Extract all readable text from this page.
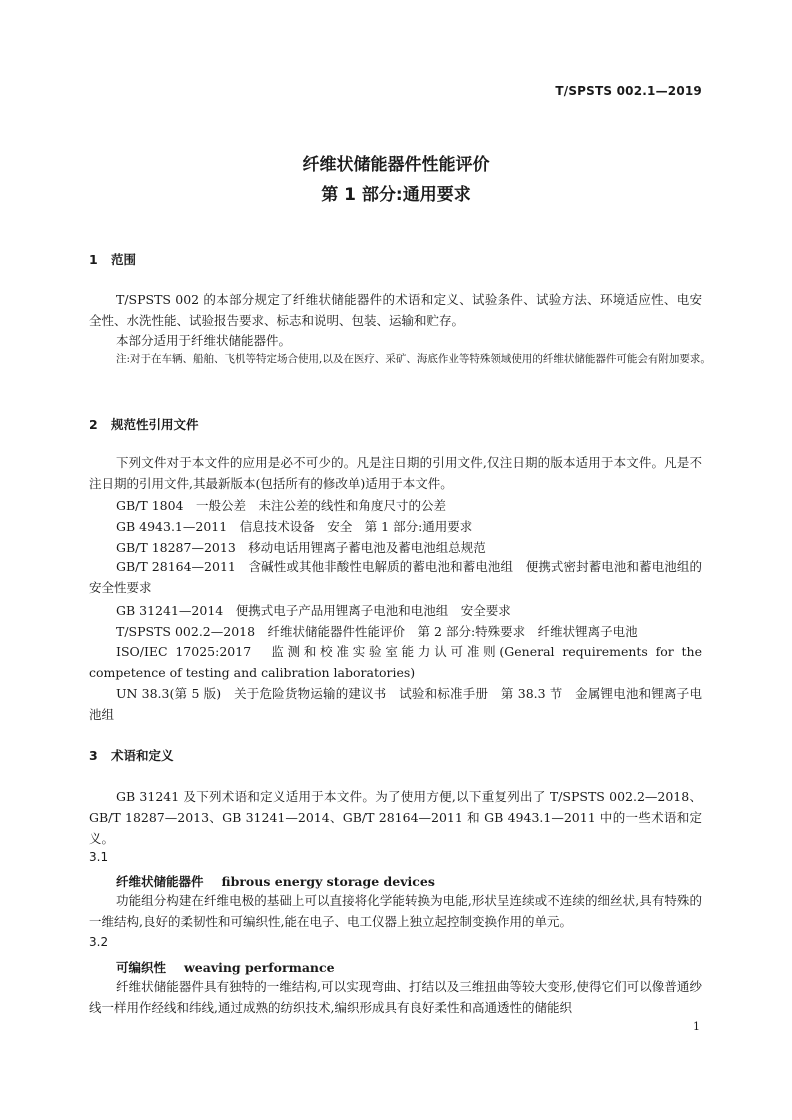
T/SPSTS 002.1—2019
纤维状储能器件性能评价
第 1 部分:通用要求
1 范围

T/SPSTS 002 的本部分规定了纤维状储能器件的术语和定义、试验条件、试验方法、环境适应性、电安全性、水洗性能、试验报告要求、标志和说明、包装、运输和贮存。

本部分适用于纤维状储能器件。
注:对于在车辆、船舶、飞机等特定场合使用,以及在医疗、采矿、海底作业等特殊领域使用的纤维状储能器件可能会有附加要求。
2 规范性引用文件

下列文件对于本文件的应用是必不可少的。凡是注日期的引用文件,仅注日期的版本适用于本文件。凡是不注日期的引用文件,其最新版本(包括所有的修改单)适用于本文件。

GB/T 1804　一般公差　未注公差的线性和角度尺寸的公差
GB 4943.1—2011　信息技术设备　安全　第 1 部分:通用要求
GB/T 18287—2013　移动电话用锂离子蓄电池及蓄电池组总规范

GB/T 28164—2011　含碱性或其他非酸性电解质的蓄电池和蓄电池组　便携式密封蓄电池和蓄电池组的安全性要求

GB 31241—2014　便携式电子产品用锂离子电池和电池组　安全要求
T/SPSTS 002.2—2018　纤维状储能器件性能评价　第 2 部分:特殊要求　纤维状锂离子电池

ISO/IEC 17025:2017　监测和校准实验室能力认可准则(General requirements for the competence of testing and calibration laboratories)

UN 38.3(第 5 版)　关于危险货物运输的建议书　试验和标准手册　第 38.3 节　金属锂电池和锂离子电池组

3 术语和定义

GB 31241 及下列术语和定义适用于本文件。为了使用方便,以下重复列出了 T/SPSTS 002.2—2018、GB/T 18287—2013、GB 31241—2014、GB/T 28164—2011 和 GB 4943.1—2011 中的一些术语和定义。

3.1
纤维状储能器件 fibrous energy storage devices

功能组分构建在纤维电极的基础上可以直接将化学能转换为电能,形状呈连续或不连续的细丝状,具有特殊的一维结构,良好的柔韧性和可编织性,能在电子、电工仪器上独立起控制变换作用的单元。

3.2
可编织性 weaving performance

纤维状储能器件具有独特的一维结构,可以实现弯曲、打结以及三维扭曲等较大变形,使得它们可以像普通纱线一样用作经线和纬线,通过成熟的纺织技术,编织形成具有良好柔性和高通透性的储能织

1
